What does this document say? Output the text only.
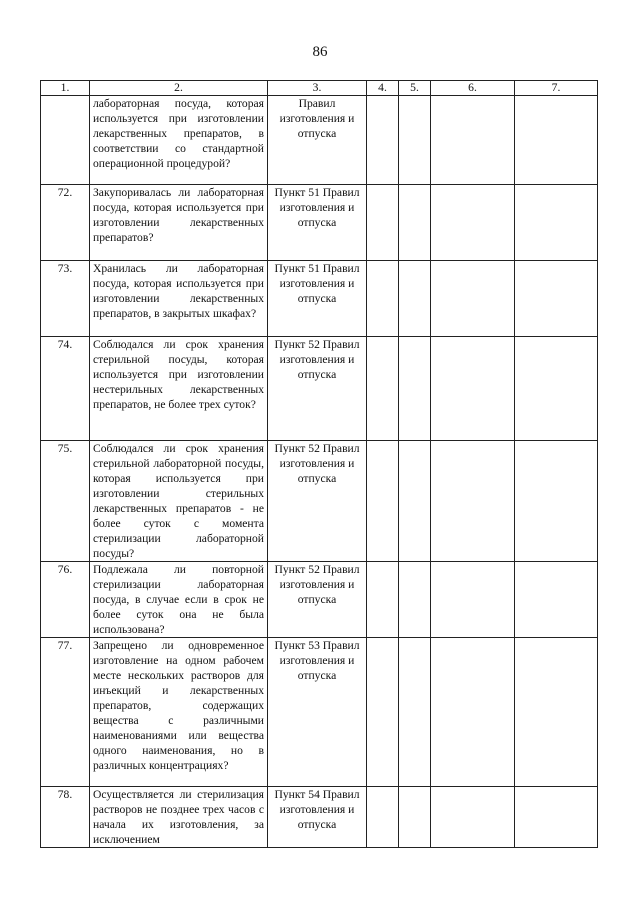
86
1.	2.	3.	4.	5.	6.	7.
	лабораторная посуда, которая используется при изготовлении лекарственных препаратов, в соответствии со стандартной операционной процедурой?	Правил изготовления и отпуска				
72.	Закупоривалась ли лабораторная посуда, которая используется при изготовлении лекарственных препаратов?	Пункт 51 Правил изготовления и отпуска				
73.	Хранилась ли лабораторная посуда, которая используется при изготовлении лекарственных препаратов, в закрытых шкафах?	Пункт 51 Правил изготовления и отпуска				
74.	Соблюдался ли срок хранения стерильной посуды, которая используется при изготовлении нестерильных лекарственных препаратов, не более трех суток?	Пункт 52 Правил изготовления и отпуска				
75.	Соблюдался ли срок хранения стерильной лабораторной посуды, которая используется при изготовлении стерильных лекарственных препаратов - не более суток с момента стерилизации лабораторной посуды?	Пункт 52 Правил изготовления и отпуска				
76.	Подлежала ли повторной стерилизации лабораторная посуда, в случае если в срок не более суток она не была использована?	Пункт 52 Правил изготовления и отпуска				
77.	Запрещено ли одновременное изготовление на одном рабочем месте нескольких растворов для инъекций и лекарственных препаратов, содержащих вещества с различными наименованиями или вещества одного наименования, но в различных концентрациях?	Пункт 53 Правил изготовления и отпуска				
78.	Осуществляется ли стерилизация растворов не позднее трех часов с начала их изготовления, за исключением	Пункт 54 Правил изготовления и отпуска				
